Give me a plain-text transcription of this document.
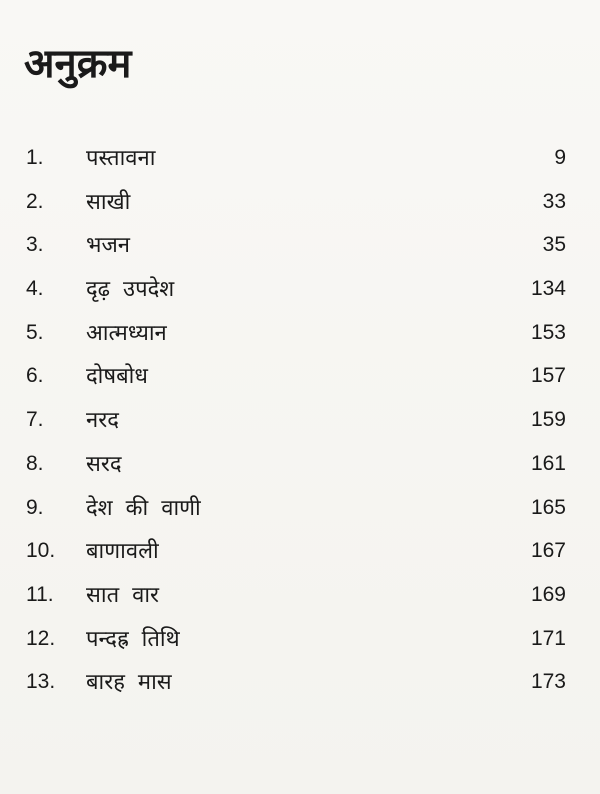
अनुक्रम
1. पस्तावना	9
2. साखी	33
3. भजन	35
4. दृढ़ उपदेश	134
5. आत्मध्यान	153
6. दोषबोध	157
7. नरद	159
8. सरद	161
9. देश की वाणी	165
10. बाणावली	167
11. सात वार	169
12. पन्दह्र तिथि	171
13. बारह मास	173
